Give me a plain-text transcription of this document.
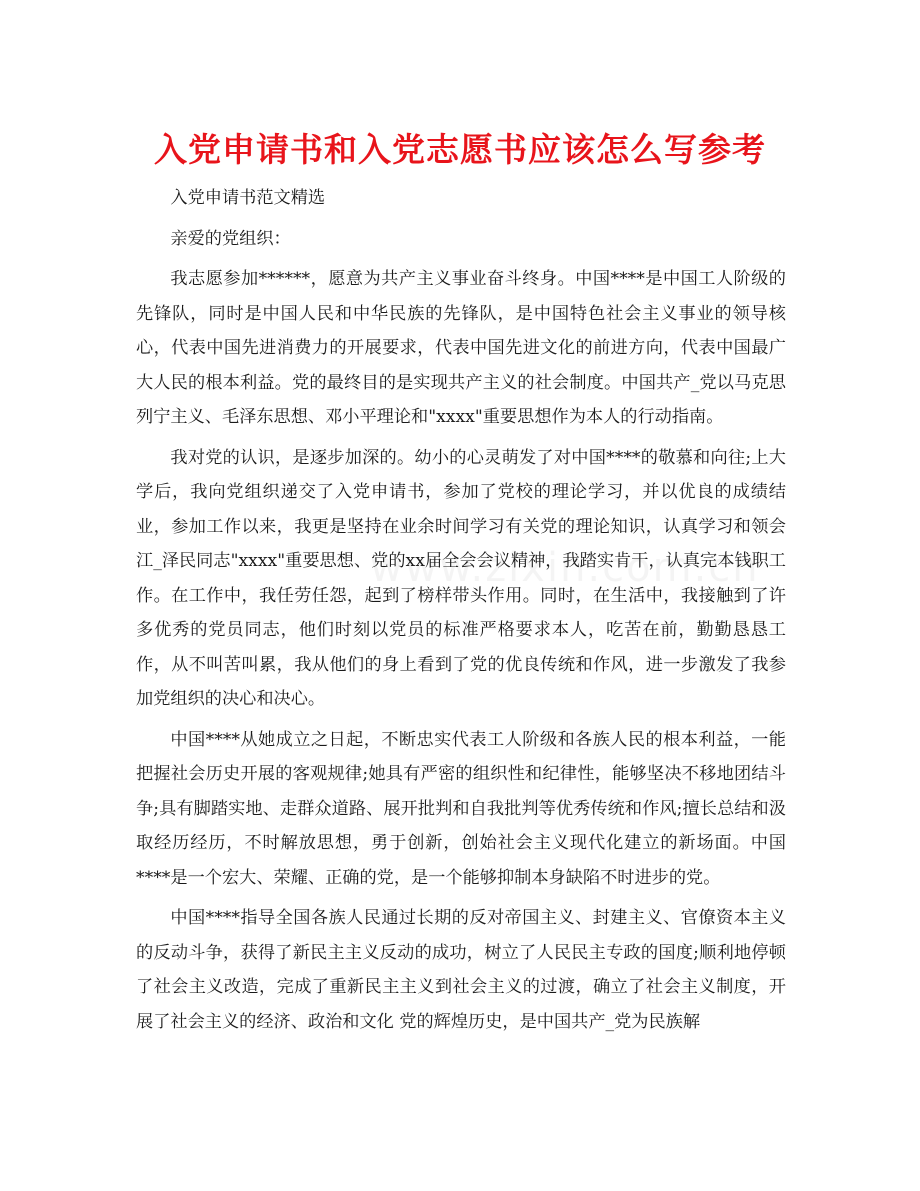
入党申请书和入党志愿书应该怎么写参考

入党申请书范文精选

亲爱的党组织：

我志愿参加******，愿意为共产主义事业奋斗终身。中国****是中国工人阶级的先锋队，同时是中国人民和中华民族的先锋队，是中国特色社会主义事业的领导核心，代表中国先进消费力的开展要求，代表中国先进文化的前进方向，代表中国最广大人民的根本利益。党的最终目的是实现共产主义的社会制度。中国共产_党以马克思列宁主义、毛泽东思想、邓小平理论和"xxxx"重要思想作为本人的行动指南。

我对党的认识，是逐步加深的。幼小的心灵萌发了对中国****的敬慕和向往;上大学后，我向党组织递交了入党申请书，参加了党校的理论学习，并以优良的成绩结业，参加工作以来，我更是坚持在业余时间学习有关党的理论知识，认真学习和领会江_泽民同志"xxxx"重要思想、党的xx届全会会议精神，我踏实肯干，认真完本钱职工作。在工作中，我任劳任怨，起到了榜样带头作用。同时，在生活中，我接触到了许多优秀的党员同志，他们时刻以党员的标准严格要求本人，吃苦在前，勤勤恳恳工作，从不叫苦叫累，我从他们的身上看到了党的优良传统和作风，进一步激发了我参加党组织的决心和决心。

中国****从她成立之日起，不断忠实代表工人阶级和各族人民的根本利益，一能把握社会历史开展的客观规律;她具有严密的组织性和纪律性，能够坚决不移地团结斗争;具有脚踏实地、走群众道路、展开批判和自我批判等优秀传统和作风;擅长总结和汲取经历经历，不时解放思想，勇于创新，创始社会主义现代化建立的新场面。中国****是一个宏大、荣耀、正确的党，是一个能够抑制本身缺陷不时进步的党。

中国****指导全国各族人民通过长期的反对帝国主义、封建主义、官僚资本主义的反动斗争，获得了新民主主义反动的成功，树立了人民民主专政的国度;顺利地停顿了社会主义改造，完成了重新民主主义到社会主义的过渡，确立了社会主义制度，开展了社会主义的经济、政治和文化 党的辉煌历史，是中国共产_党为民族解
